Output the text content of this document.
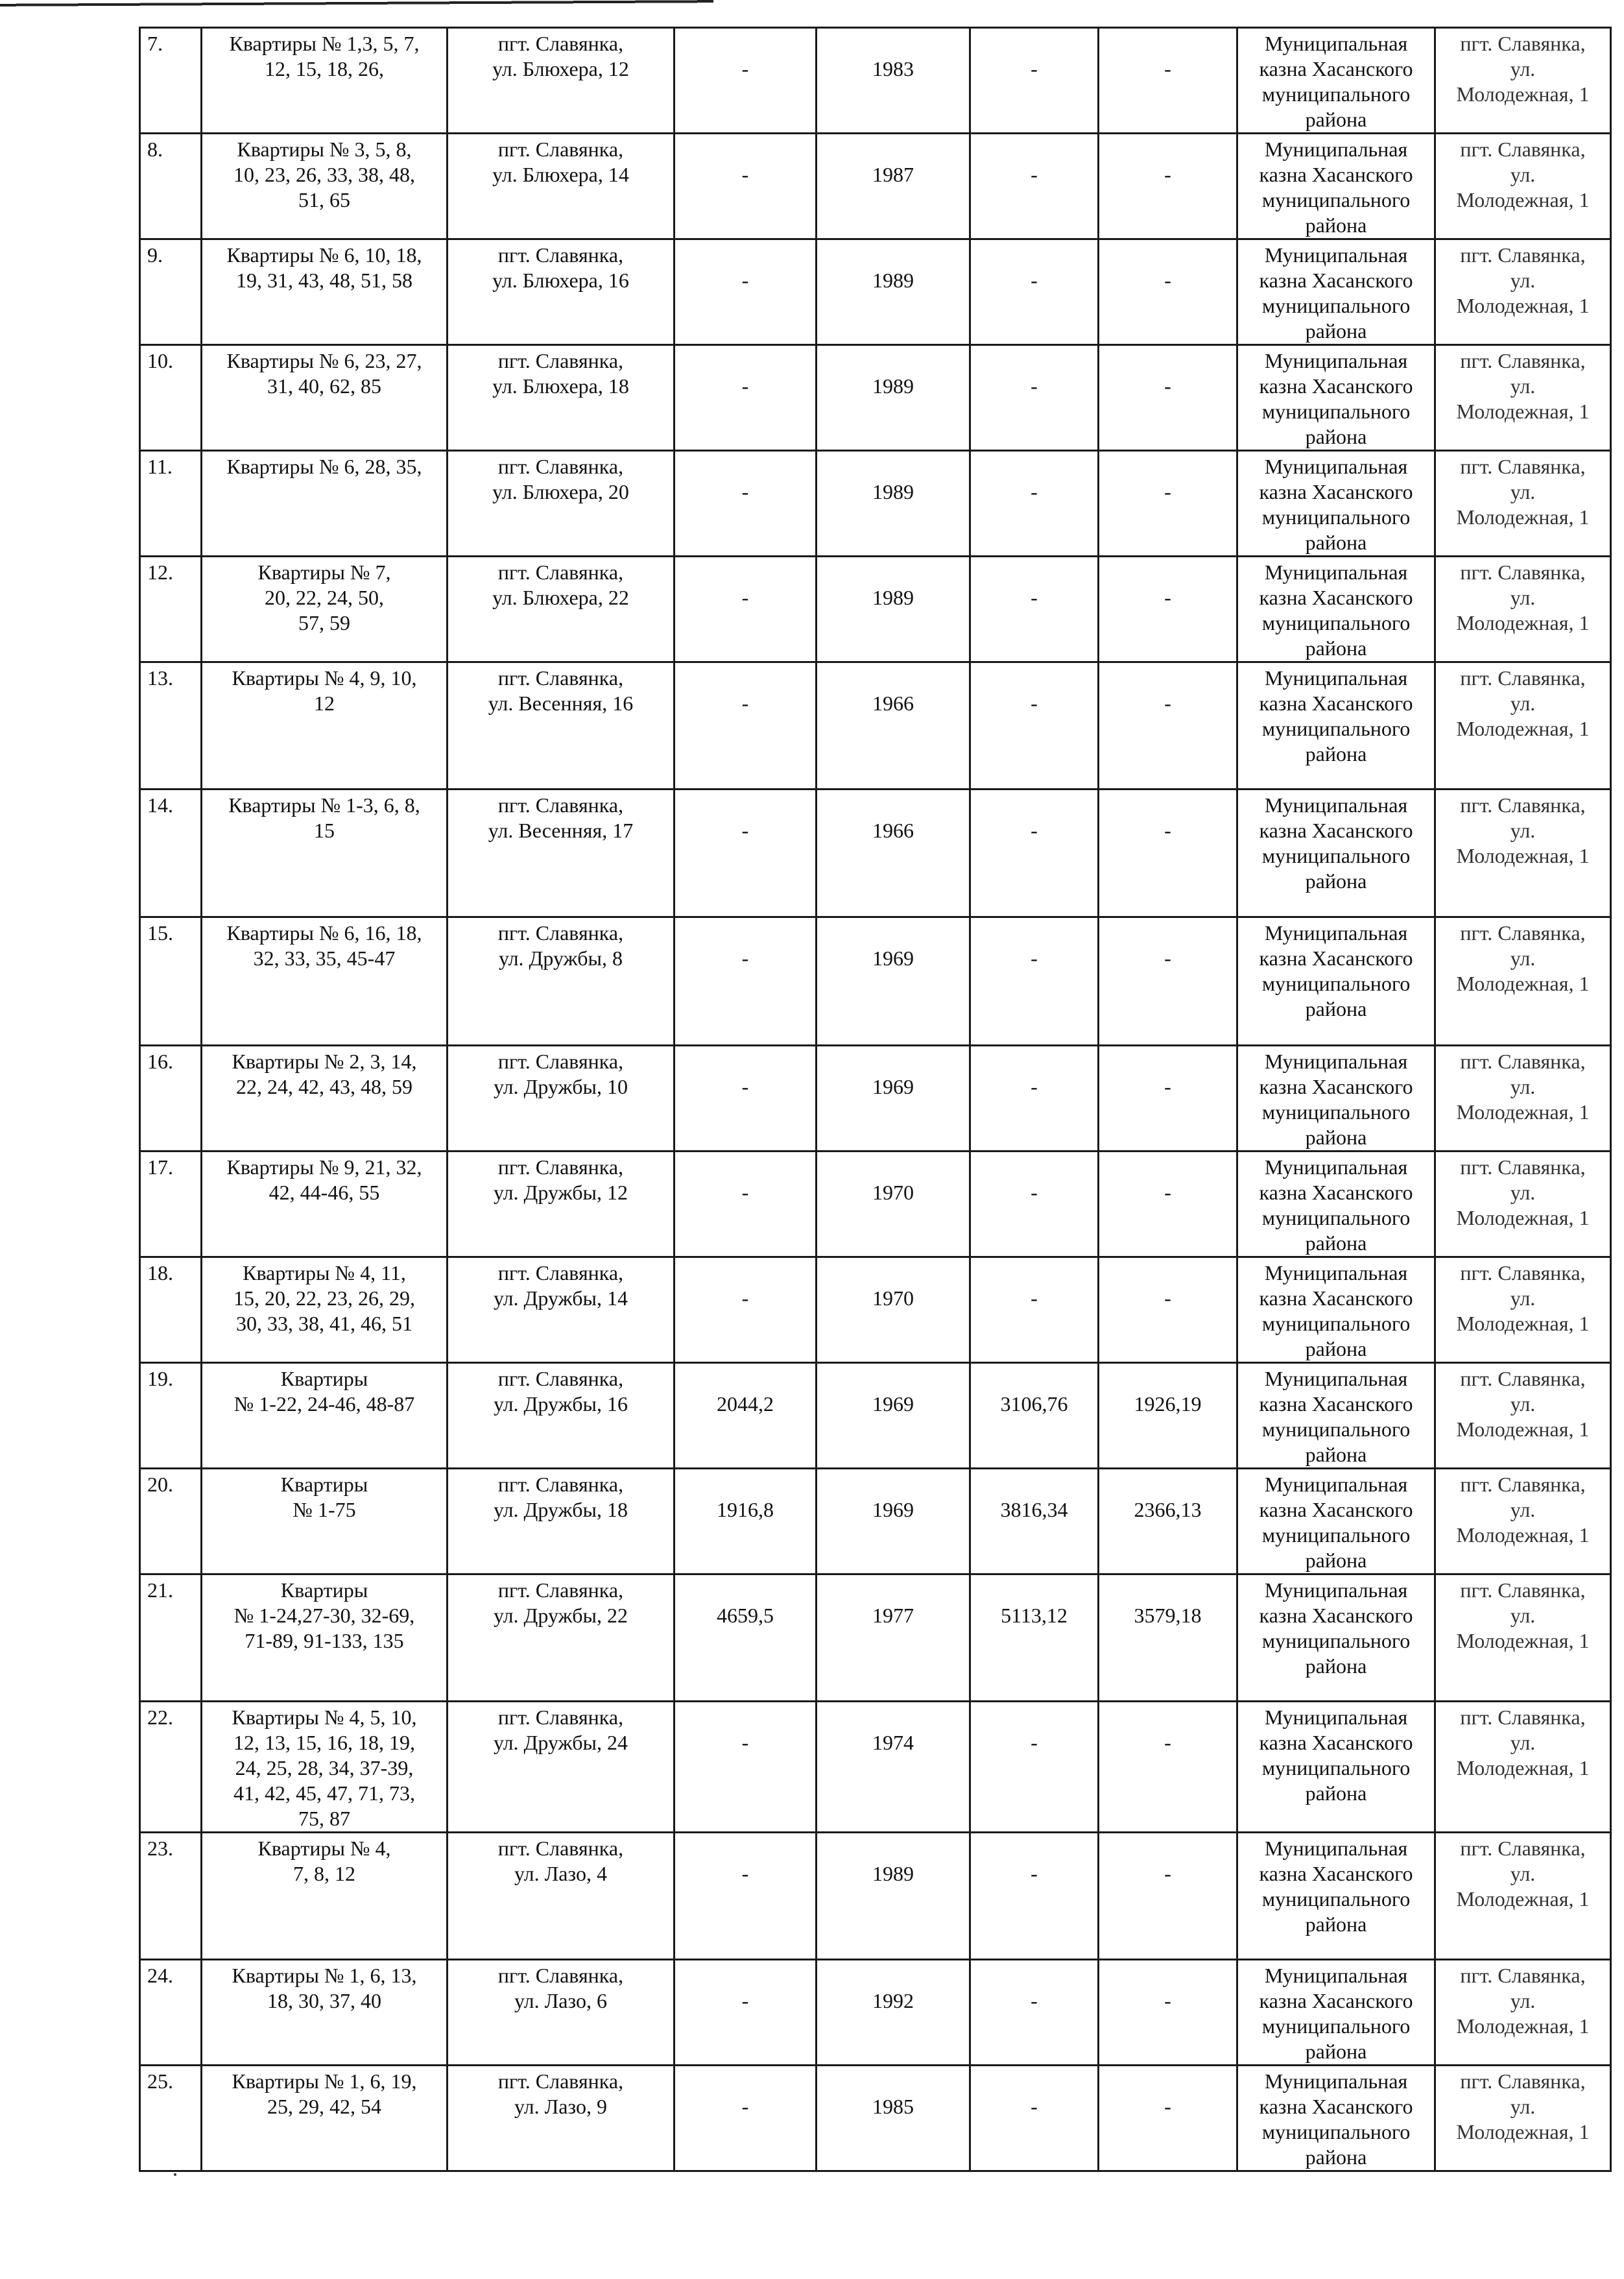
7.	Квартиры № 1,3, 5, 7,
12, 15, 18, 26,	пгт. Славянка,
ул. Блюхера, 12	-	1983	-	-	Муниципальная
казна Хасанского
муниципального
района	пгт. Славянка,
ул.
Молодежная, 1
8.	Квартиры № 3, 5, 8,
10, 23, 26, 33, 38, 48,
51, 65	пгт. Славянка,
ул. Блюхера, 14	-	1987	-	-	Муниципальная
казна Хасанского
муниципального
района	пгт. Славянка,
ул.
Молодежная, 1
9.	Квартиры № 6, 10, 18,
19, 31, 43, 48, 51, 58	пгт. Славянка,
ул. Блюхера, 16	-	1989	-	-	Муниципальная
казна Хасанского
муниципального
района	пгт. Славянка,
ул.
Молодежная, 1
10.	Квартиры № 6, 23, 27,
31, 40, 62, 85	пгт. Славянка,
ул. Блюхера, 18	-	1989	-	-	Муниципальная
казна Хасанского
муниципального
района	пгт. Славянка,
ул.
Молодежная, 1
11.	Квартиры № 6, 28, 35,	пгт. Славянка,
ул. Блюхера, 20	-	1989	-	-	Муниципальная
казна Хасанского
муниципального
района	пгт. Славянка,
ул.
Молодежная, 1
12.	Квартиры № 7,
20, 22, 24, 50,
57, 59	пгт. Славянка,
ул. Блюхера, 22	-	1989	-	-	Муниципальная
казна Хасанского
муниципального
района	пгт. Славянка,
ул.
Молодежная, 1
13.	Квартиры № 4, 9, 10,
12	пгт. Славянка,
ул. Весенняя, 16	-	1966	-	-	Муниципальная
казна Хасанского
муниципального
района	пгт. Славянка,
ул.
Молодежная, 1
14.	Квартиры № 1-3, 6, 8,
15	пгт. Славянка,
ул. Весенняя, 17	-	1966	-	-	Муниципальная
казна Хасанского
муниципального
района	пгт. Славянка,
ул.
Молодежная, 1
15.	Квартиры № 6, 16, 18,
32, 33, 35, 45-47	пгт. Славянка,
ул. Дружбы, 8	-	1969	-	-	Муниципальная
казна Хасанского
муниципального
района	пгт. Славянка,
ул.
Молодежная, 1
16.	Квартиры № 2, 3, 14,
22, 24, 42, 43, 48, 59	пгт. Славянка,
ул. Дружбы, 10	-	1969	-	-	Муниципальная
казна Хасанского
муниципального
района	пгт. Славянка,
ул.
Молодежная, 1
17.	Квартиры № 9, 21, 32,
42, 44-46, 55	пгт. Славянка,
ул. Дружбы, 12	-	1970	-	-	Муниципальная
казна Хасанского
муниципального
района	пгт. Славянка,
ул.
Молодежная, 1
18.	Квартиры № 4, 11,
15, 20, 22, 23, 26, 29,
30, 33, 38, 41, 46, 51	пгт. Славянка,
ул. Дружбы, 14	-	1970	-	-	Муниципальная
казна Хасанского
муниципального
района	пгт. Славянка,
ул.
Молодежная, 1
19.	Квартиры
№ 1-22, 24-46, 48-87	пгт. Славянка,
ул. Дружбы, 16	2044,2	1969	3106,76	1926,19	Муниципальная
казна Хасанского
муниципального
района	пгт. Славянка,
ул.
Молодежная, 1
20.	Квартиры
№ 1-75	пгт. Славянка,
ул. Дружбы, 18	1916,8	1969	3816,34	2366,13	Муниципальная
казна Хасанского
муниципального
района	пгт. Славянка,
ул.
Молодежная, 1
21.	Квартиры
№ 1-24,27-30, 32-69,
71-89, 91-133, 135	пгт. Славянка,
ул. Дружбы, 22	4659,5	1977	5113,12	3579,18	Муниципальная
казна Хасанского
муниципального
района	пгт. Славянка,
ул.
Молодежная, 1
22.	Квартиры № 4, 5, 10,
12, 13, 15, 16, 18, 19,
24, 25, 28, 34, 37-39,
41, 42, 45, 47, 71, 73,
75, 87	пгт. Славянка,
ул. Дружбы, 24	-	1974	-	-	Муниципальная
казна Хасанского
муниципального
района	пгт. Славянка,
ул.
Молодежная, 1
23.	Квартиры № 4,
7, 8, 12	пгт. Славянка,
ул. Лазо, 4	-	1989	-	-	Муниципальная
казна Хасанского
муниципального
района	пгт. Славянка,
ул.
Молодежная, 1
24.	Квартиры № 1, 6, 13,
18, 30, 37, 40	пгт. Славянка,
ул. Лазо, 6	-	1992	-	-	Муниципальная
казна Хасанского
муниципального
района	пгт. Славянка,
ул.
Молодежная, 1
25.	Квартиры № 1, 6, 19,
25, 29, 42, 54	пгт. Славянка,
ул. Лазо, 9	-	1985	-	-	Муниципальная
казна Хасанского
муниципального
района	пгт. Славянка,
ул.
Молодежная, 1
